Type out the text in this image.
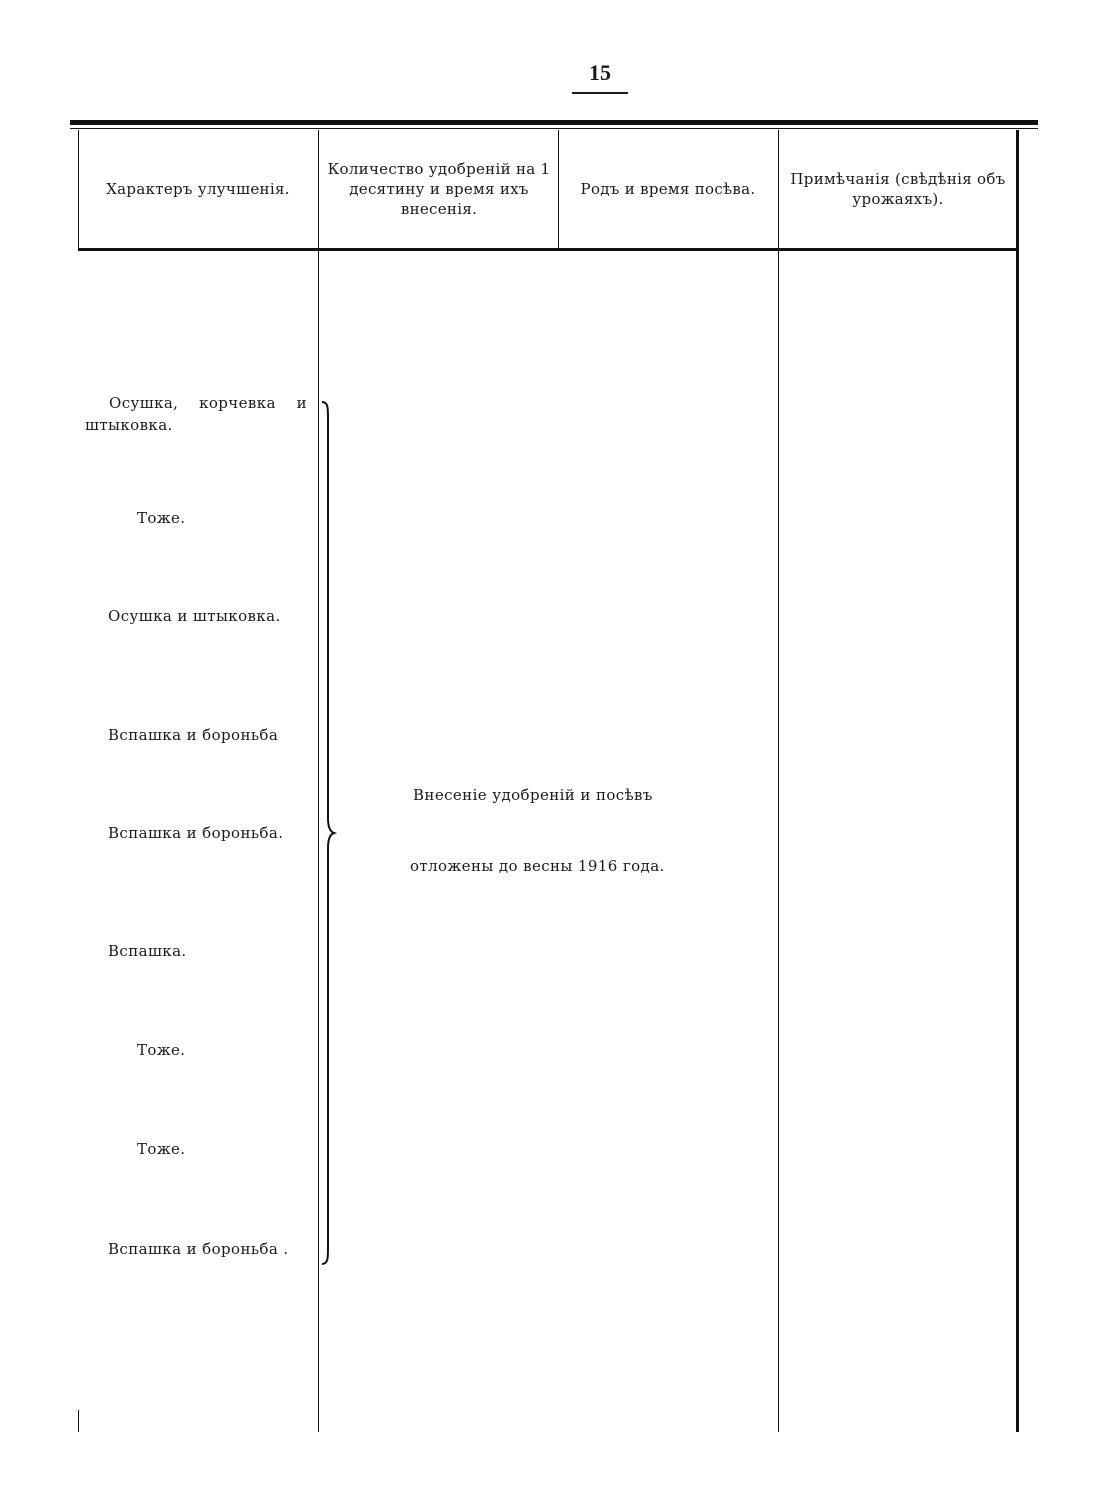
15
Характеръ улучшенія.
Количество удобреній на 1 десятину и время ихъ внесенія.
Родъ и время посѣва.
Примѣчанія (свѣдѣнія объ урожаяхъ).
Осушка, корчевка и штыковка.
Тоже.
Осушка и штыковка.
Вспашка и бороньба
Вспашка и бороньба.
Вспашка.
Тоже.
Тоже.
Вспашка и бороньба .
Внесеніе удобреній и посѣвъ
отложены до весны 1916 года.
